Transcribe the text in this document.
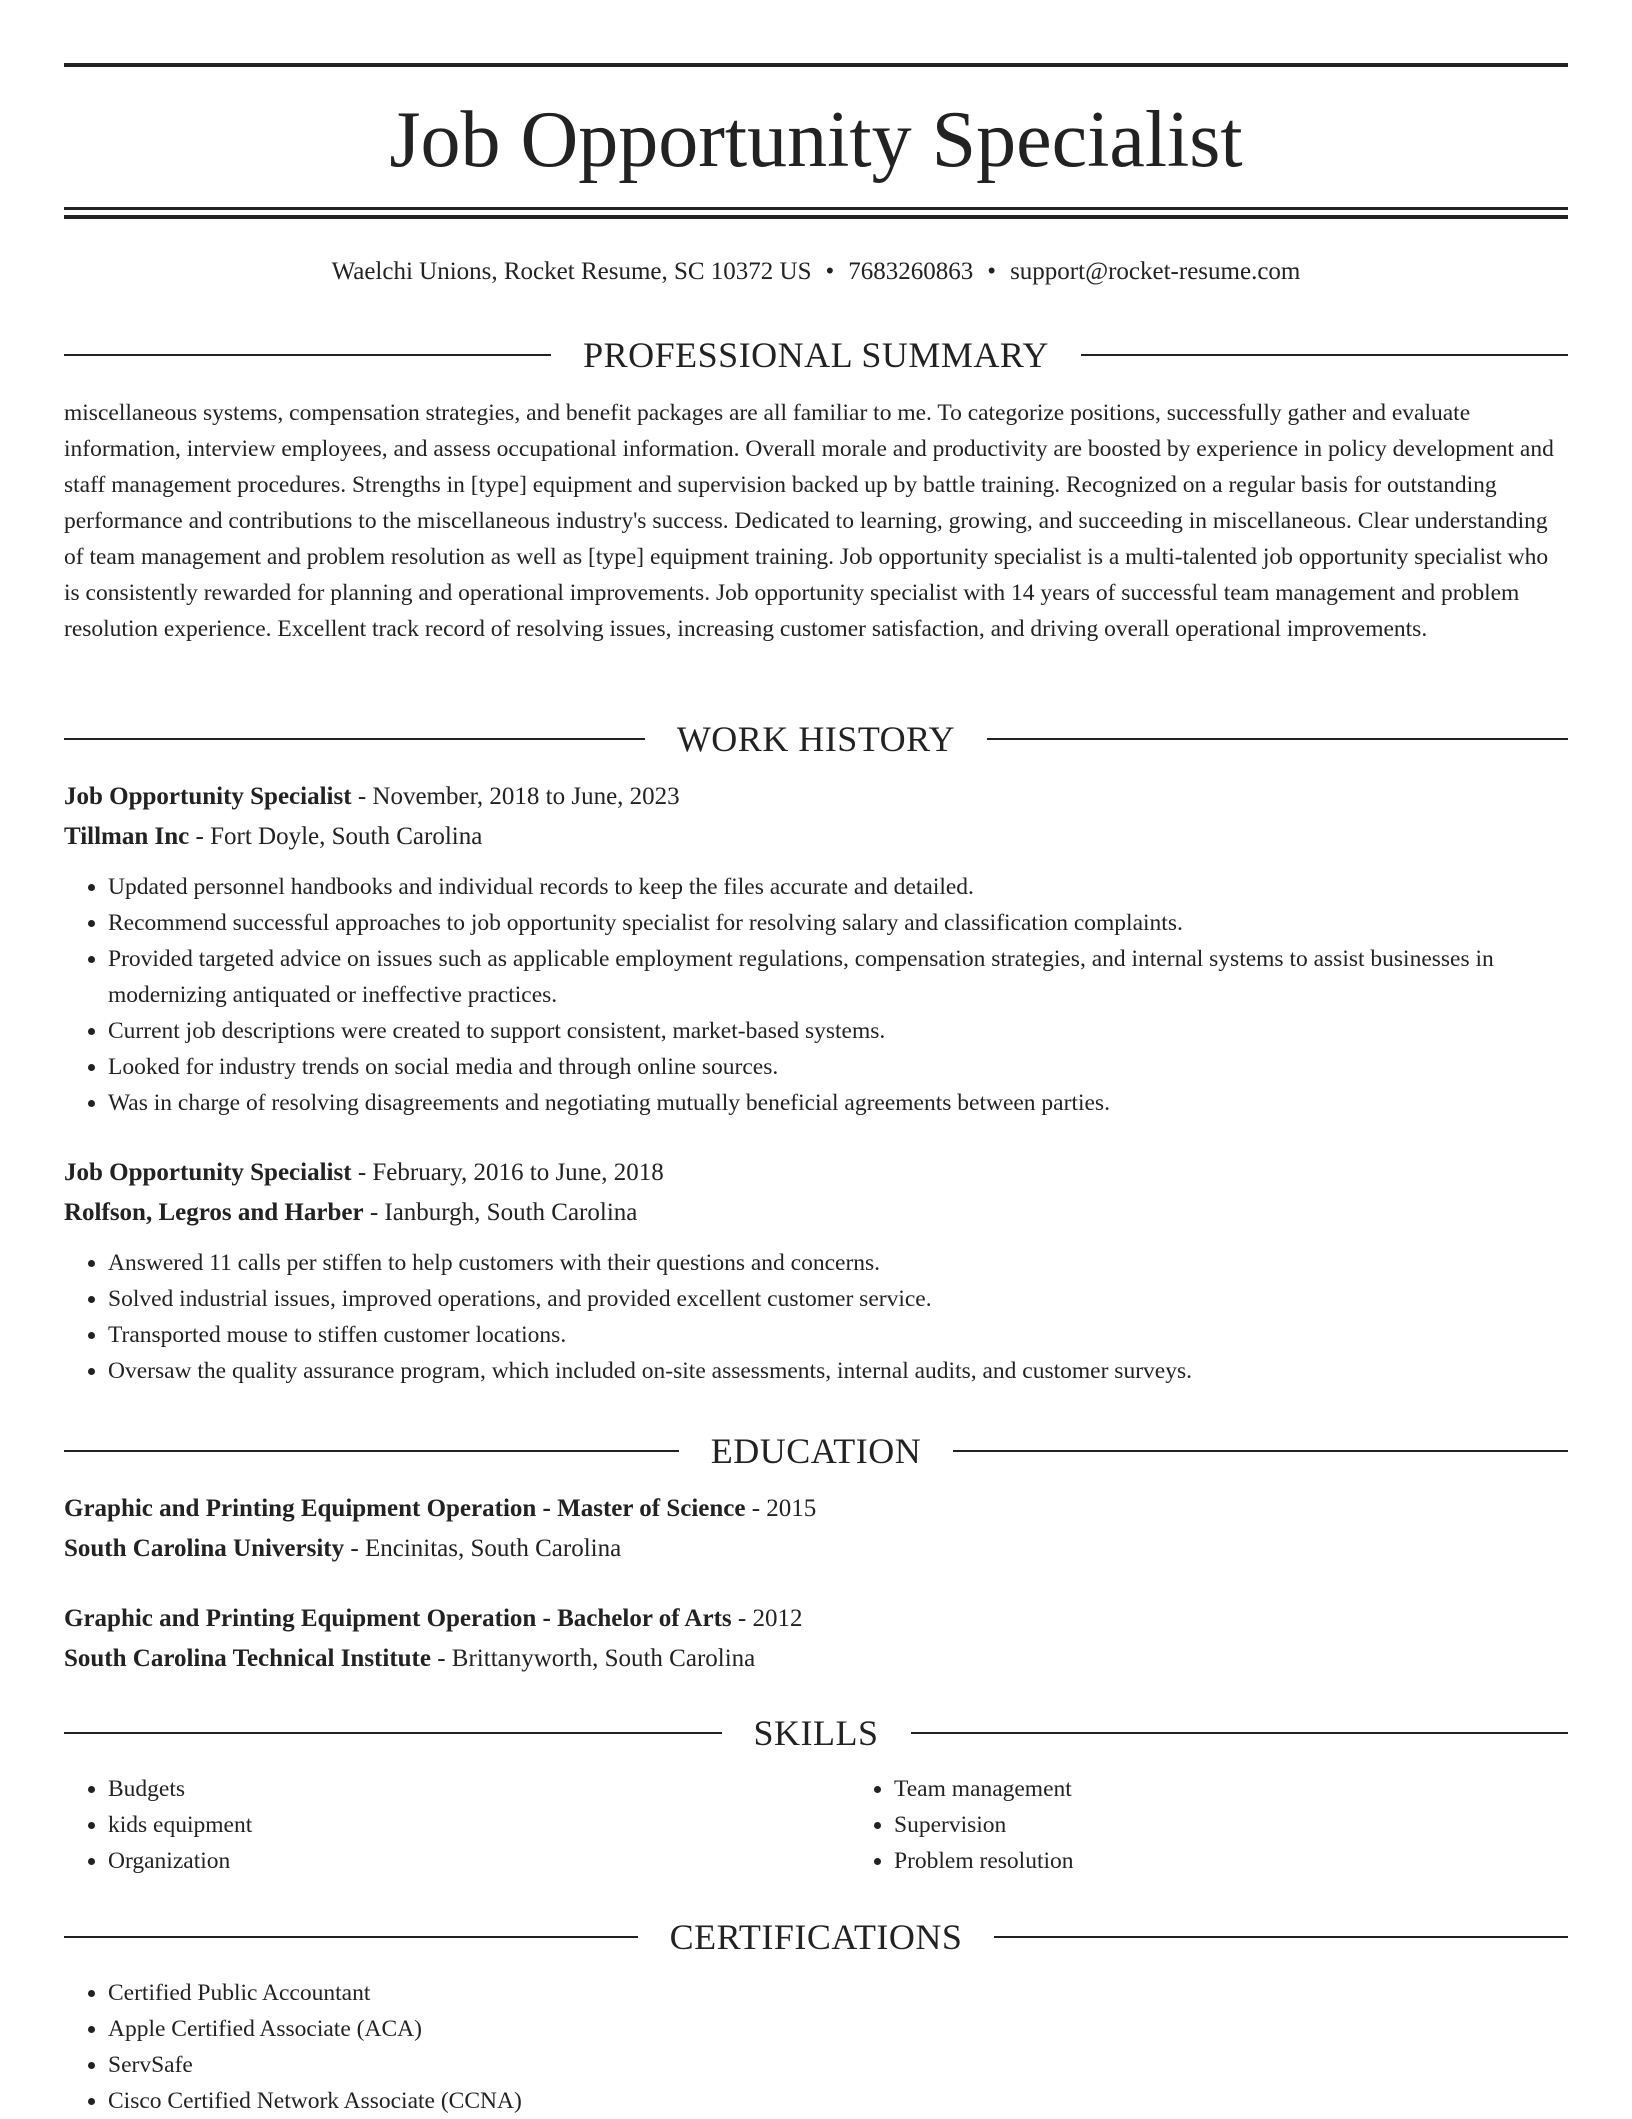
Job Opportunity Specialist
Waelchi Unions, Rocket Resume, SC 10372 US • 7683260863 • support@rocket-resume.com
PROFESSIONAL SUMMARY

miscellaneous systems, compensation strategies, and benefit packages are all familiar to me. To categorize positions, successfully gather and evaluate information, interview employees, and assess occupational information. Overall morale and productivity are boosted by experience in policy development and staff management procedures. Strengths in [type] equipment and supervision backed up by battle training. Recognized on a regular basis for outstanding performance and contributions to the miscellaneous industry's success. Dedicated to learning, growing, and succeeding in miscellaneous. Clear understanding of team management and problem resolution as well as [type] equipment training. Job opportunity specialist is a multi-talented job opportunity specialist who is consistently rewarded for planning and operational improvements. Job opportunity specialist with 14 years of successful team management and problem resolution experience. Excellent track record of resolving issues, increasing customer satisfaction, and driving overall operational improvements.

WORK HISTORY

Job Opportunity Specialist - November, 2018 to June, 2023

Tillman Inc - Fort Doyle, South Carolina

• Updated personnel handbooks and individual records to keep the files accurate and detailed.
• Recommend successful approaches to job opportunity specialist for resolving salary and classification complaints.
• Provided targeted advice on issues such as applicable employment regulations, compensation strategies, and internal systems to assist businesses in modernizing antiquated or ineffective practices.
• Current job descriptions were created to support consistent, market-based systems.
• Looked for industry trends on social media and through online sources.
• Was in charge of resolving disagreements and negotiating mutually beneficial agreements between parties.

Job Opportunity Specialist - February, 2016 to June, 2018

Rolfson, Legros and Harber - Ianburgh, South Carolina

• Answered 11 calls per stiffen to help customers with their questions and concerns.
• Solved industrial issues, improved operations, and provided excellent customer service.
• Transported mouse to stiffen customer locations.
• Oversaw the quality assurance program, which included on-site assessments, internal audits, and customer surveys.
EDUCATION

Graphic and Printing Equipment Operation - Master of Science - 2015

South Carolina University - Encinitas, South Carolina

Graphic and Printing Equipment Operation - Bachelor of Arts - 2012

South Carolina Technical Institute - Brittanyworth, South Carolina

SKILLS
• Budgets
• kids equipment
• Organization
• Team management
• Supervision
• Problem resolution
CERTIFICATIONS
• Certified Public Accountant
• Apple Certified Associate (ACA)
• ServSafe
• Cisco Certified Network Associate (CCNA)
